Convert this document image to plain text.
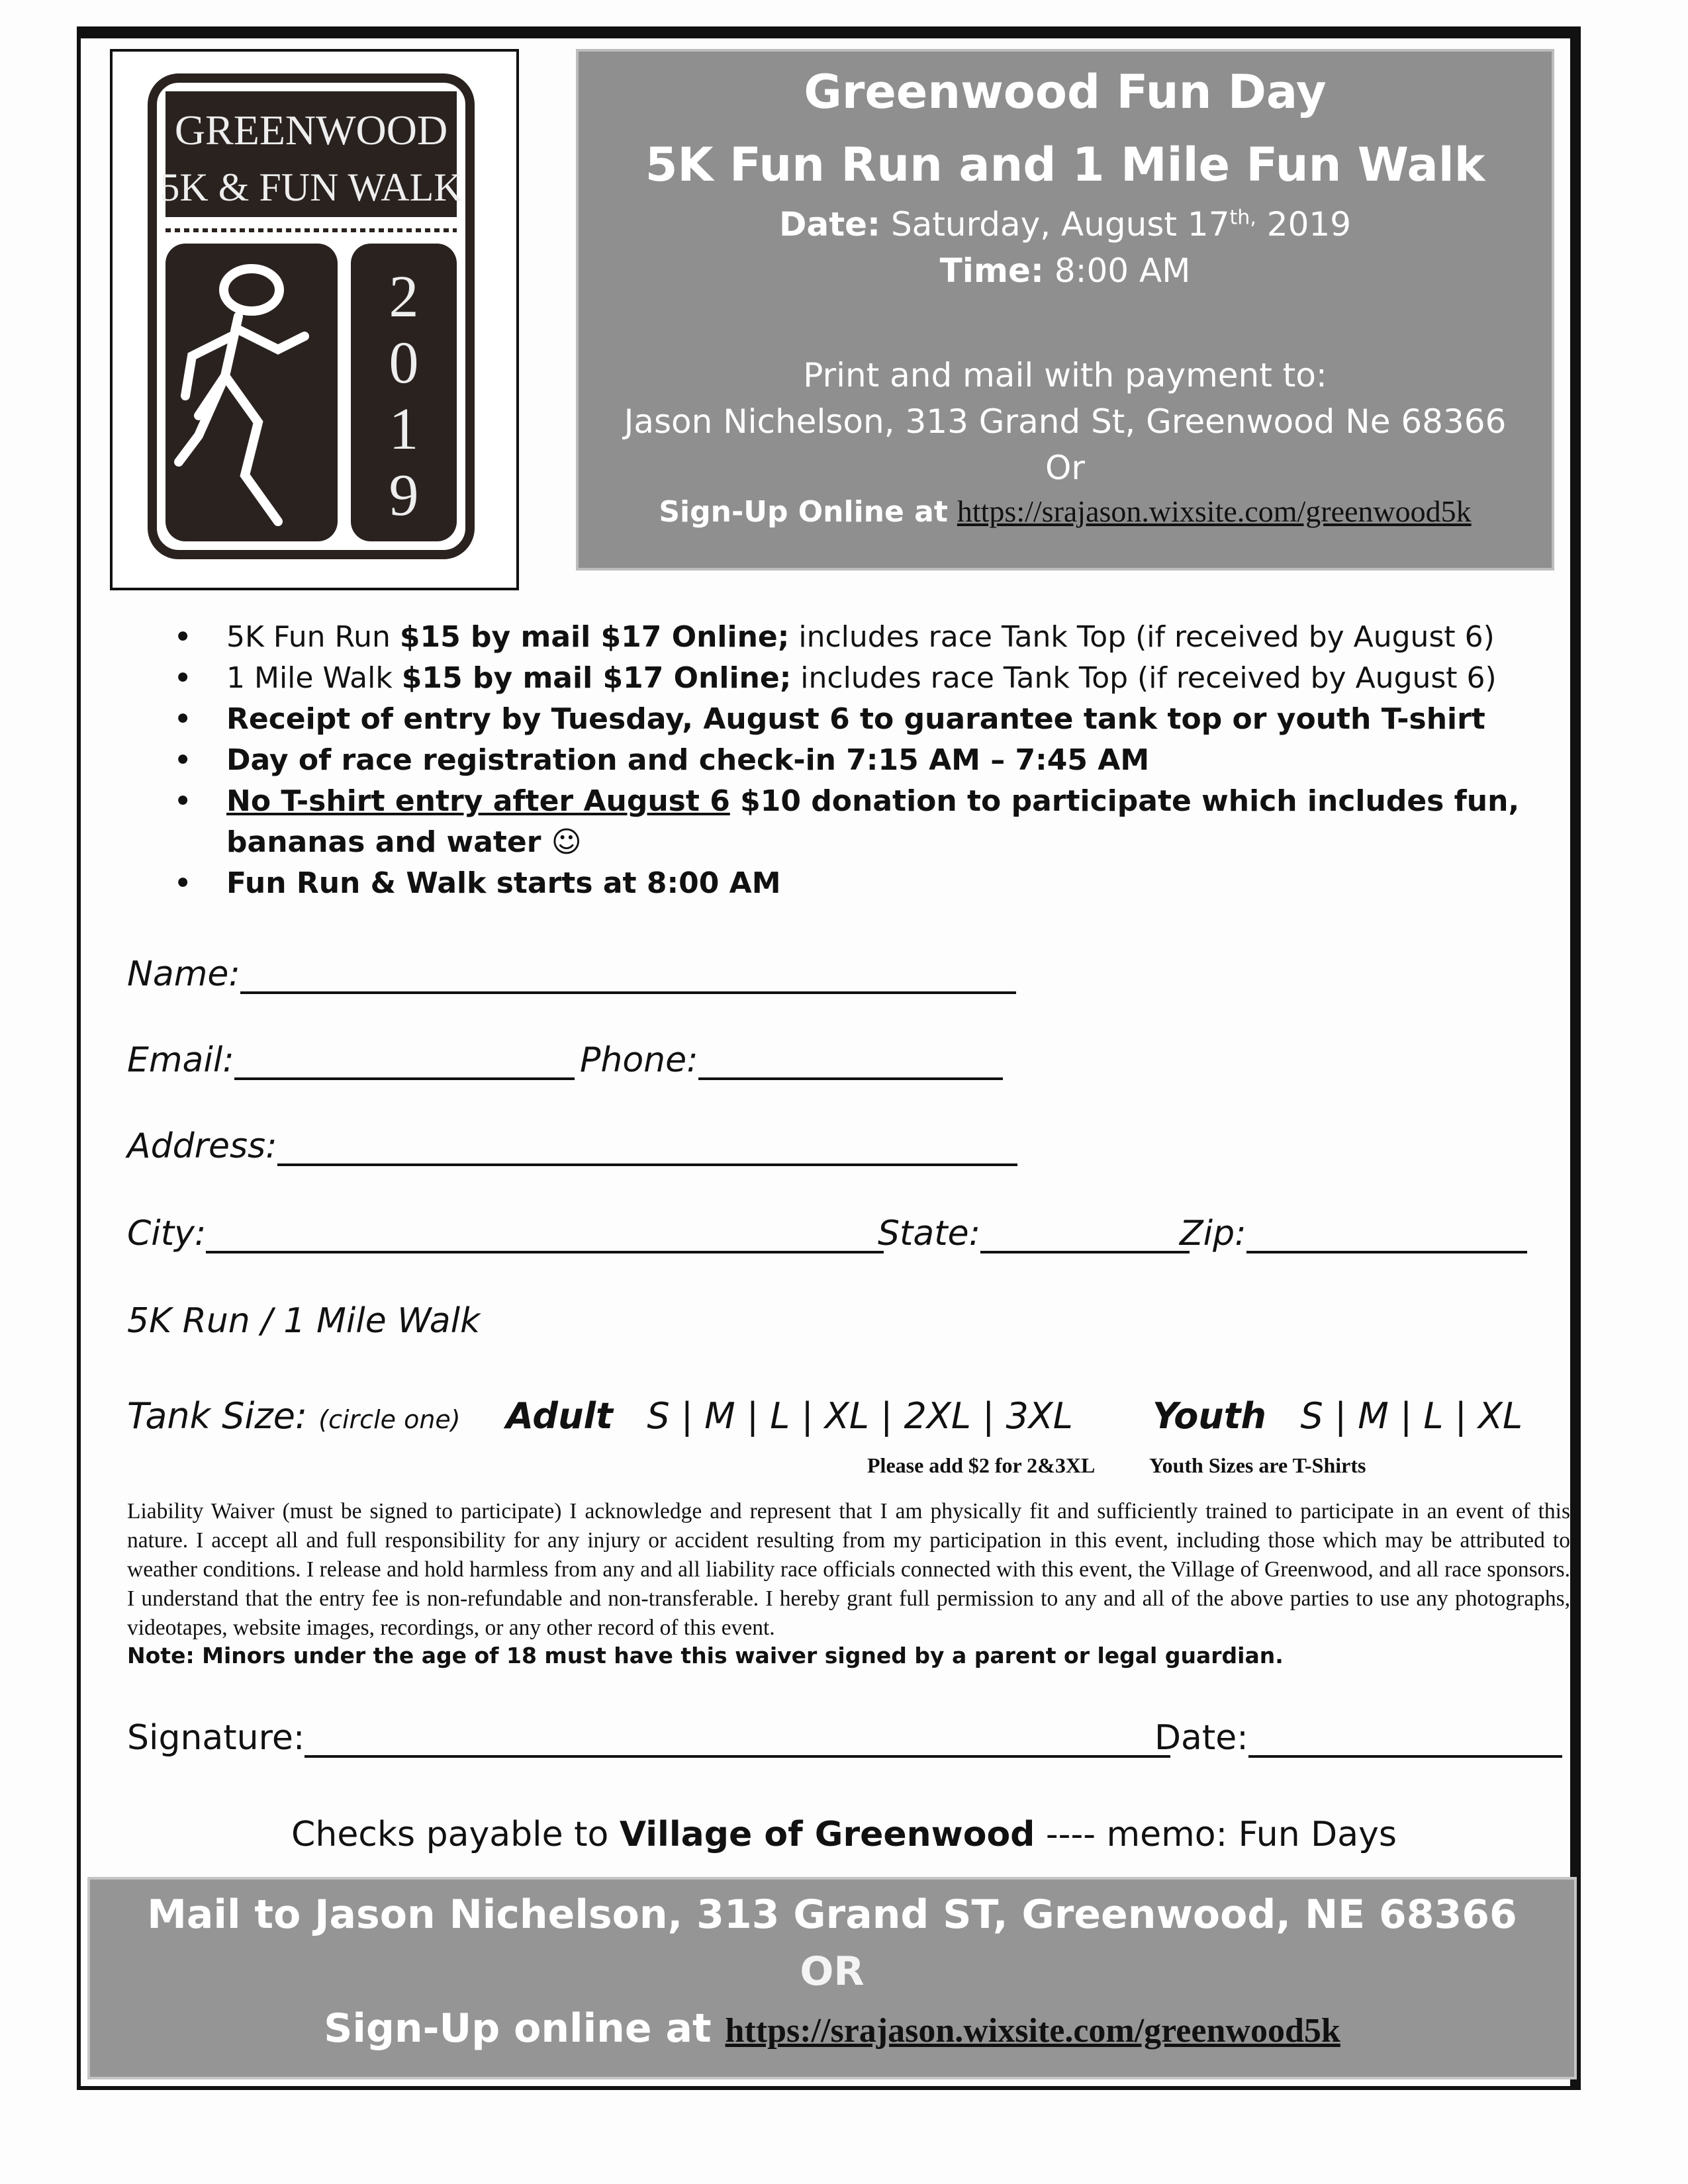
GREENWOOD
5K & FUN WALK
2
0
1
9
Greenwood Fun Day
5K Fun Run and 1 Mile Fun Walk
Date: Saturday, August $17^{th,}$ 2019
Time: 8:00 AM
Print and mail with payment to:
Jason Nichelson, 313 Grand St, Greenwood Ne 68366
Or
Sign-Up Online at https://srajason.wixsite.com/greenwood5k
• 5K Fun Run $15 by mail $17 Online; includes race Tank Top (if received by August 6)
• 1 Mile Walk $15 by mail $17 Online; includes race Tank Top (if received by August 6)
• Receipt of entry by Tuesday, August 6 to guarantee tank top or youth T-shirt
• Day of race registration and check-in 7:15 AM – 7:45 AM
• No T-shirt entry after August 6 $10 donation to participate which includes fun, bananas and water ☺
• Fun Run & Walk starts at 8:00 AM
Name:
Email:	Phone:
Address:
City:	State:	Zip:
5K Run / 1 Mile Walk
Tank Size: (circle one) Adult S | M | L | XL | 2XL | 3XL Youth S | M | L | XL
Please add $2 for 2&3XL	Youth Sizes are T-Shirts
Liability Waiver (must be signed to participate) I acknowledge and represent that I am physically fit and sufficiently trained to participate in an event of this nature. I accept all and full responsibility for any injury or accident resulting from my participation in this event, including those which may be attributed to weather conditions. I release and hold harmless from any and all liability race officials connected with this event, the Village of Greenwood, and all race sponsors. I understand that the entry fee is non-refundable and non-transferable. I hereby grant full permission to any and all of the above parties to use any photographs, videotapes, website images, recordings, or any other record of this event.
Note: Minors under the age of 18 must have this waiver signed by a parent or legal guardian.
Signature:	Date:
Checks payable to Village of Greenwood ---- memo: Fun Days
Mail to Jason Nichelson, 313 Grand ST, Greenwood, NE 68366
OR
Sign-Up online at https://srajason.wixsite.com/greenwood5k
